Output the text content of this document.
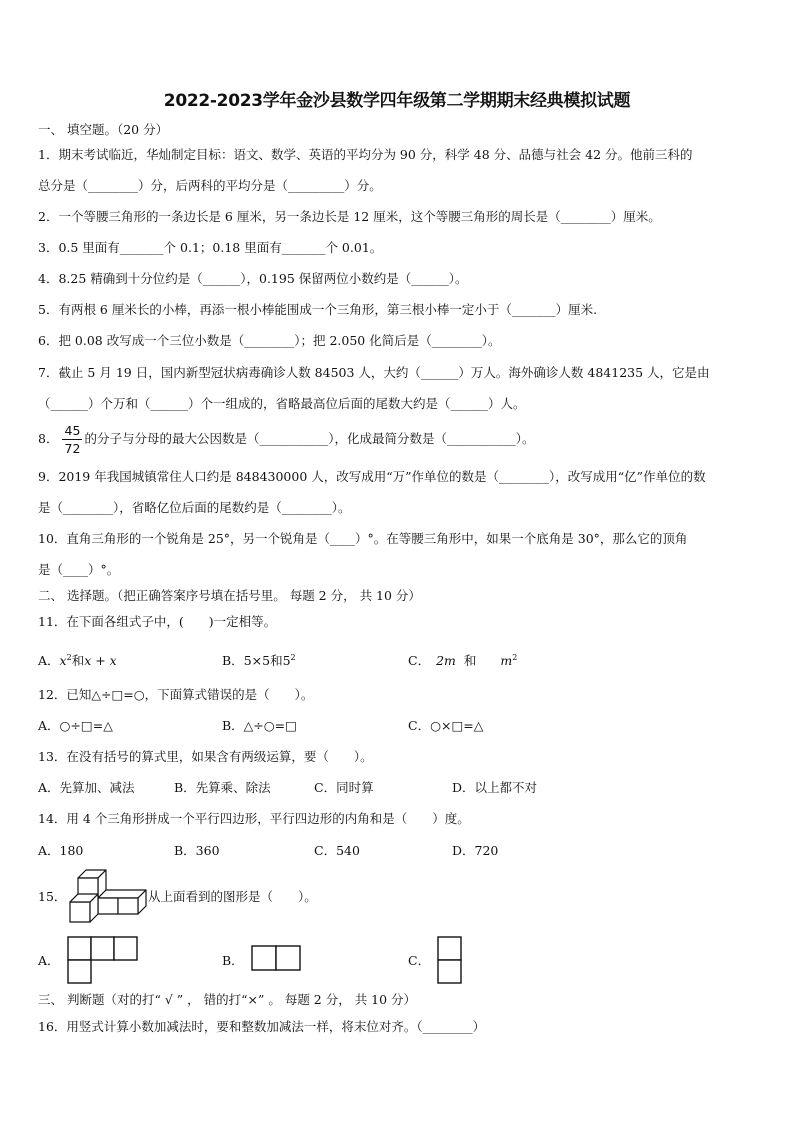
2022-2023学年金沙县数学四年级第二学期期末经典模拟试题
一、 填空题。（20 分）
1．期末考试临近，华灿制定目标：语文、数学、英语的平均分为 90 分，科学 48 分、品德与社会 42 分。他前三科的
总分是（________）分，后两科的平均分是（_________）分。
2．一个等腰三角形的一条边长是 6 厘米，另一条边长是 12 厘米，这个等腰三角形的周长是（________）厘米。
3．0.5 里面有_______个 0.1；0.18 里面有_______个 0.01。
4．8.25 精确到十分位约是（______），0.195 保留两位小数约是（______）。
5．有两根 6 厘米长的小棒，再添一根小棒能围成一个三角形，第三根小棒一定小于（_______）厘米.
6．把 0.08 改写成一个三位小数是（________）；把 2.050 化简后是（________）。
7．截止 5 月 19 日，国内新型冠状病毒确诊人数 84503 人，大约（______）万人。海外确诊人数 4841235 人，它是由
（______）个万和（______）个一组成的，省略最高位后面的尾数大约是（______）人。
8． $\frac{45}{72}$ 的分子与分母的最大公因数是（___________），化成最简分数是（___________）。
9．2019 年我国城镇常住人口约是 848430000 人，改写成用“万”作单位的数是（________），改写成用“亿”作单位的数
是（________），省略亿位后面的尾数约是（________）。
10．直角三角形的一个锐角是 25°，另一个锐角是（____）°。在等腰三角形中，如果一个底角是 30°，那么它的顶角
是（____）°。
二、 选择题。（把正确答案序号填在括号里。 每题 2 分， 共 10 分）
11．在下面各组式子中，(　　)一定相等。
A．$x^2$和x + x	B．5×5和$5^2$	C． 2m 和 $m^2$
12．已知△÷□=○，下面算式错误的是（　　）。
A．○÷□=△	B．△÷○=□	C．○×□=△
13．在没有括号的算式里，如果含有两级运算，要（　　）。
A．先算加、减法	B．先算乘、除法	C．同时算	D．以上都不对
14．用 4 个三角形拼成一个平行四边形，平行四边形的内角和是（　　）度。
A．180	B．360	C．540	D．720
15．	从上面看到的图形是（　　）。
A．	B．	C．
三、 判断题（对的打“ √ ” ， 错的打“×” 。 每题 2 分， 共 10 分）
16．用竖式计算小数加减法时，要和整数加减法一样，将末位对齐。（________）
